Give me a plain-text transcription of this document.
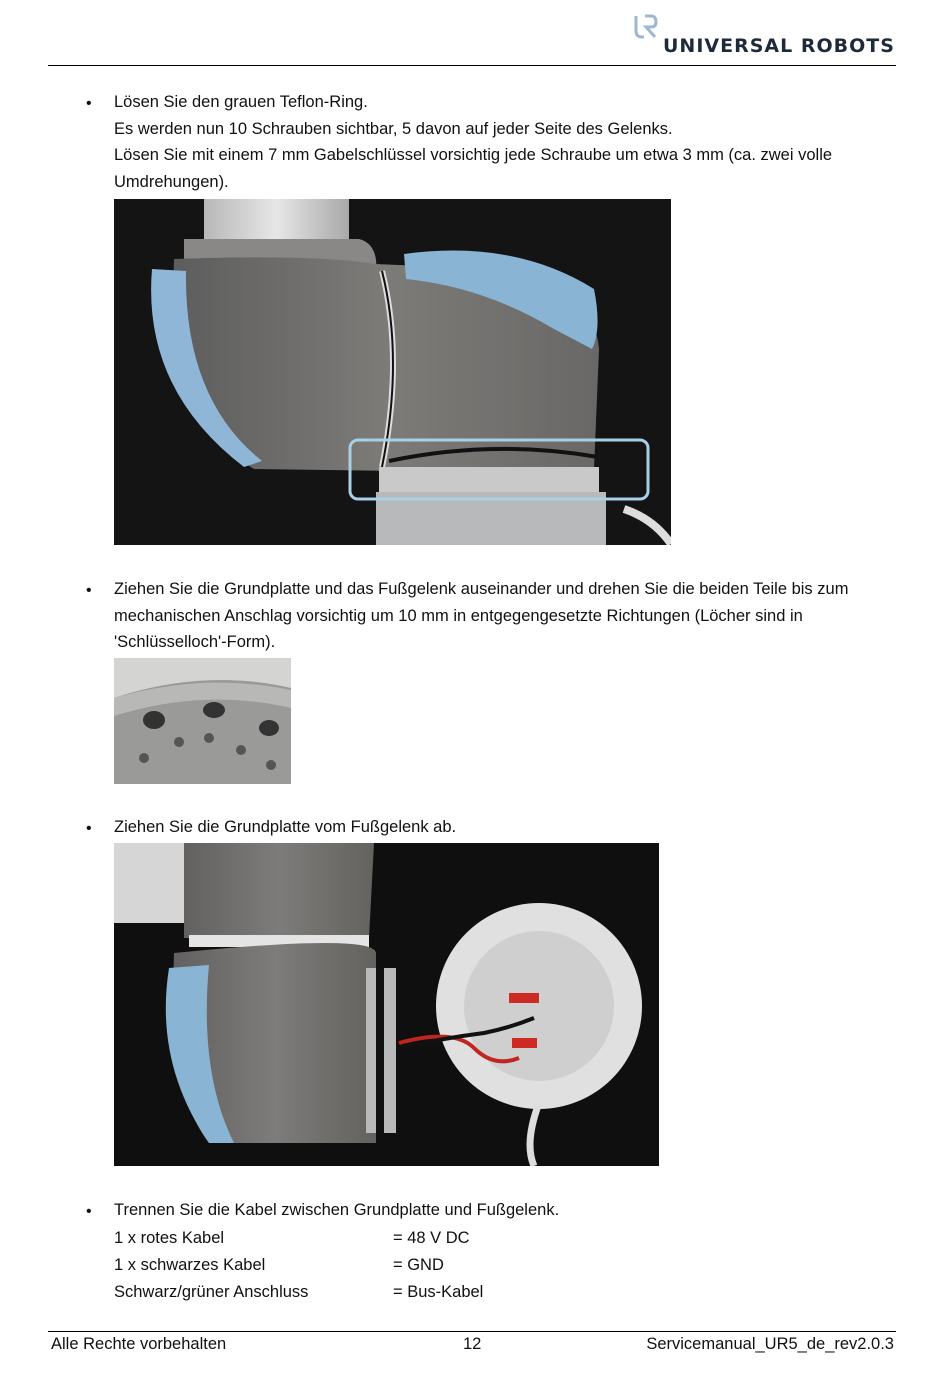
UNIVERSAL ROBOTS
• Lösen Sie den grauen Teflon-Ring.
Es werden nun 10 Schrauben sichtbar, 5 davon auf jeder Seite des Gelenks.
Lösen Sie mit einem 7 mm Gabelschlüssel vorsichtig jede Schraube um etwa 3 mm (ca. zwei volle
Umdrehungen).
• Ziehen Sie die Grundplatte und das Fußgelenk auseinander und drehen Sie die beiden Teile bis zum
mechanischen Anschlag vorsichtig um 10 mm in entgegengesetzte Richtungen (Löcher sind in
'Schlüsselloch'-Form).
• Ziehen Sie die Grundplatte vom Fußgelenk ab.
• Trennen Sie die Kabel zwischen Grundplatte und Fußgelenk.
1 x rotes Kabel	= 48 V DC
1 x schwarzes Kabel	= GND
Schwarz/grüner Anschluss	= Bus-Kabel
Alle Rechte vorbehalten	12	Servicemanual_UR5_de_rev2.0.3
